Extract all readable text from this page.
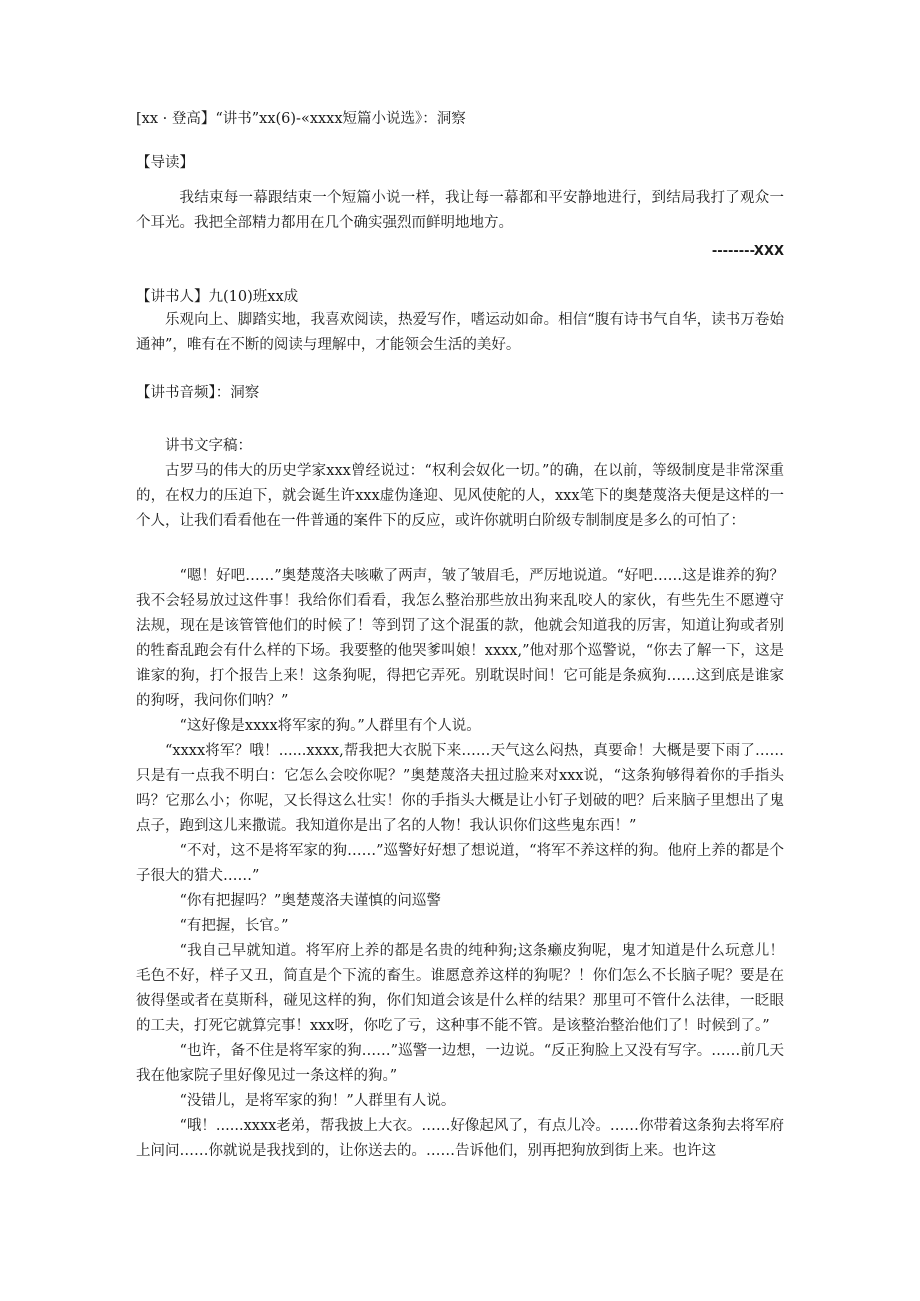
[xx · 登高】“讲书”xx(6)-«xxxx短篇小说选》：洞察

【导读】

我结束每一幕跟结束一个短篇小说一样，我让每一幕都和平安静地进行，到结局我打了观众一个耳光。我把全部精力都用在几个确实强烈而鲜明地地方。

--------XXX

【讲书人】九(10)班xx成

乐观向上、脚踏实地，我喜欢阅读，热爱写作，嗜运动如命。相信“腹有诗书气自华，读书万卷始通神”，唯有在不断的阅读与理解中，才能领会生活的美好。

【讲书音频】：洞察

讲书文字稿：

古罗马的伟大的历史学家xxx曾经说过：“权利会奴化一切。”的确，在以前，等级制度是非常深重的，在权力的压迫下，就会诞生许xxx虚伪逢迎、见风使舵的人，xxx笔下的奥楚蔑洛夫便是这样的一个人，让我们看看他在一件普通的案件下的反应，或许你就明白阶级专制制度是多么的可怕了：

“嗯！好吧……”奥楚蔑洛夫咳嗽了两声，皱了皱眉毛，严厉地说道。“好吧……这是谁养的狗？我不会轻易放过这件事！我给你们看看，我怎么整治那些放出狗来乱咬人的家伙，有些先生不愿遵守法规，现在是该管管他们的时候了！等到罚了这个混蛋的款，他就会知道我的厉害，知道让狗或者别的牲畜乱跑会有什么样的下场。我要整的他哭爹叫娘！xxxx,”他对那个巡警说，“你去了解一下，这是谁家的狗，打个报告上来！这条狗呢，得把它弄死。别耽误时间！它可能是条疯狗……这到底是谁家的狗呀，我问你们呐？”

“这好像是xxxx将军家的狗。”人群里有个人说。

“xxxx将军？哦！......xxxx,帮我把大衣脱下来……天气这么闷热，真要命！大概是要下雨了……只是有一点我不明白：它怎么会咬你呢？”奥楚蔑洛夫扭过脸来对xxx说，“这条狗够得着你的手指头吗？它那么小；你呢，又长得这么壮实！你的手指头大概是让小钉子划破的吧？后来脑子里想出了鬼点子，跑到这儿来撒谎。我知道你是出了名的人物！我认识你们这些鬼东西！”

“不对，这不是将军家的狗……”巡警好好想了想说道，“将军不养这样的狗。他府上养的都是个子很大的猎犬……”

“你有把握吗？”奥楚蔑洛夫谨慎的问巡警

“有把握，长官。”

“我自己早就知道。将军府上养的都是名贵的纯种狗;这条癞皮狗呢，鬼才知道是什么玩意儿！毛色不好，样子又丑，简直是个下流的畜生。谁愿意养这样的狗呢？！你们怎么不长脑子呢？要是在彼得堡或者在莫斯科，碰见这样的狗，你们知道会该是什么样的结果？那里可不管什么法律，一眨眼的工夫，打死它就算完事！xxx呀，你吃了亏，这种事不能不管。是该整治整治他们了！时候到了。”

“也许，备不住是将军家的狗……”巡警一边想，一边说。“反正狗脸上又没有写字。……前几天我在他家院子里好像见过一条这样的狗。”

“没错儿，是将军家的狗！”人群里有人说。

“哦！......xxxx老弟，帮我披上大衣。……好像起风了，有点儿冷。……你带着这条狗去将军府上问问……你就说是我找到的，让你送去的。……告诉他们，别再把狗放到街上来。也许这
